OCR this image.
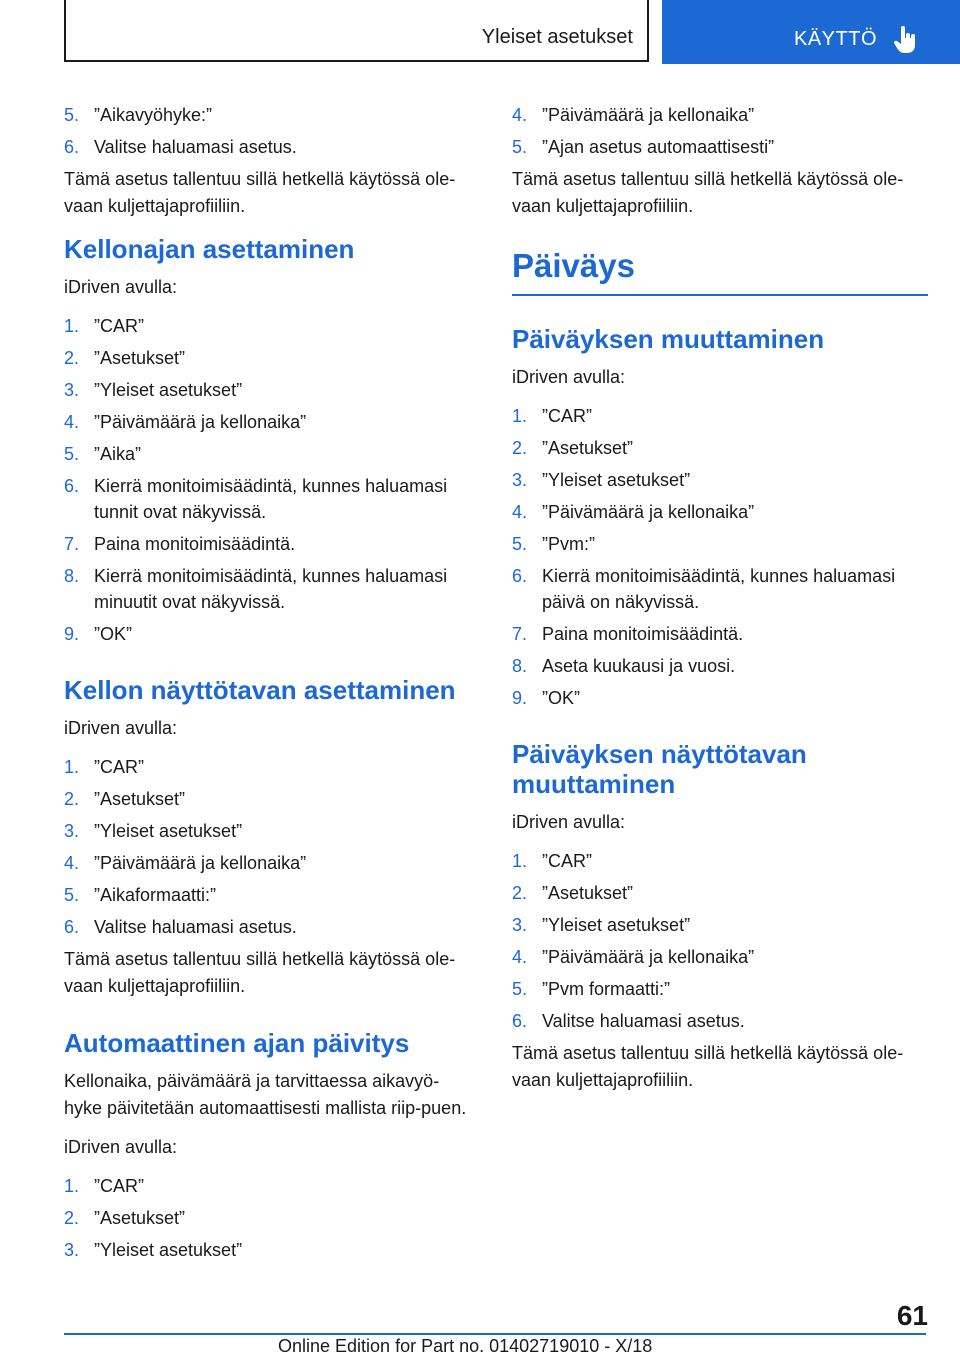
Yleiset asetukset	KÄYTTÖ
5. ”Aikavyöhyke:”
6. Valitse haluamasi asetus.

Tämä asetus tallentuu sillä hetkellä käytössä ole‐vaan kuljettajaprofiiliin.

Kellonajan asettaminen

iDriven avulla:

1. ”CAR”
2. ”Asetukset”
3. ”Yleiset asetukset”
4. ”Päivämäärä ja kellonaika”
5. ”Aika”
6. Kierrä monitoimisäädintä, kunnes haluamasi tunnit ovat näkyvissä.
7. Paina monitoimisäädintä.
8. Kierrä monitoimisäädintä, kunnes haluamasi minuutit ovat näkyvissä.
9. ”OK”
Kellon näyttötavan asettaminen

iDriven avulla:

1. ”CAR”
2. ”Asetukset”
3. ”Yleiset asetukset”
4. ”Päivämäärä ja kellonaika”
5. ”Aikaformaatti:”
6. Valitse haluamasi asetus.

Tämä asetus tallentuu sillä hetkellä käytössä ole‐vaan kuljettajaprofiiliin.

Automaattinen ajan päivitys

Kellonaika, päivämäärä ja tarvittaessa aikavyö‐hyke päivitetään automaattisesti mallista riip‐puen.

iDriven avulla:

1. ”CAR”
2. ”Asetukset”
3. ”Yleiset asetukset”
4. ”Päivämäärä ja kellonaika”
5. ”Ajan asetus automaattisesti”

Tämä asetus tallentuu sillä hetkellä käytössä ole‐vaan kuljettajaprofiiliin.

Päiväys
Päiväyksen muuttaminen

iDriven avulla:

1. ”CAR”
2. ”Asetukset”
3. ”Yleiset asetukset”
4. ”Päivämäärä ja kellonaika”
5. ”Pvm:”
6. Kierrä monitoimisäädintä, kunnes haluamasi päivä on näkyvissä.
7. Paina monitoimisäädintä.
8. Aseta kuukausi ja vuosi.
9. ”OK”
Päiväyksen näyttötavan muuttaminen

iDriven avulla:

1. ”CAR”
2. ”Asetukset”
3. ”Yleiset asetukset”
4. ”Päivämäärä ja kellonaika”
5. ”Pvm formaatti:”
6. Valitse haluamasi asetus.

Tämä asetus tallentuu sillä hetkellä käytössä ole‐vaan kuljettajaprofiiliin.

61
Online Edition for Part no. 01402719010 - X/18
